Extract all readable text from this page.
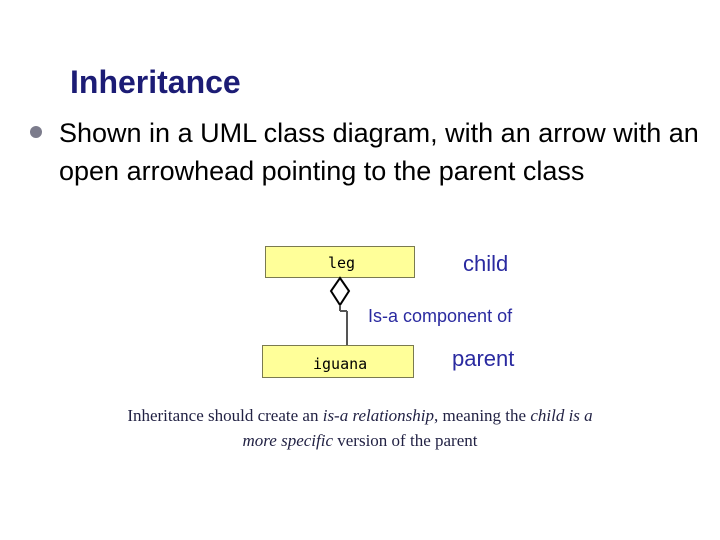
Inheritance
Shown in a UML class diagram, with an arrow with an open arrowhead pointing to the parent class
leg	child
Is-a component of
iguana	parent
Inheritance should create an is-a relationship, meaning the child is a
more specific version of the parent
